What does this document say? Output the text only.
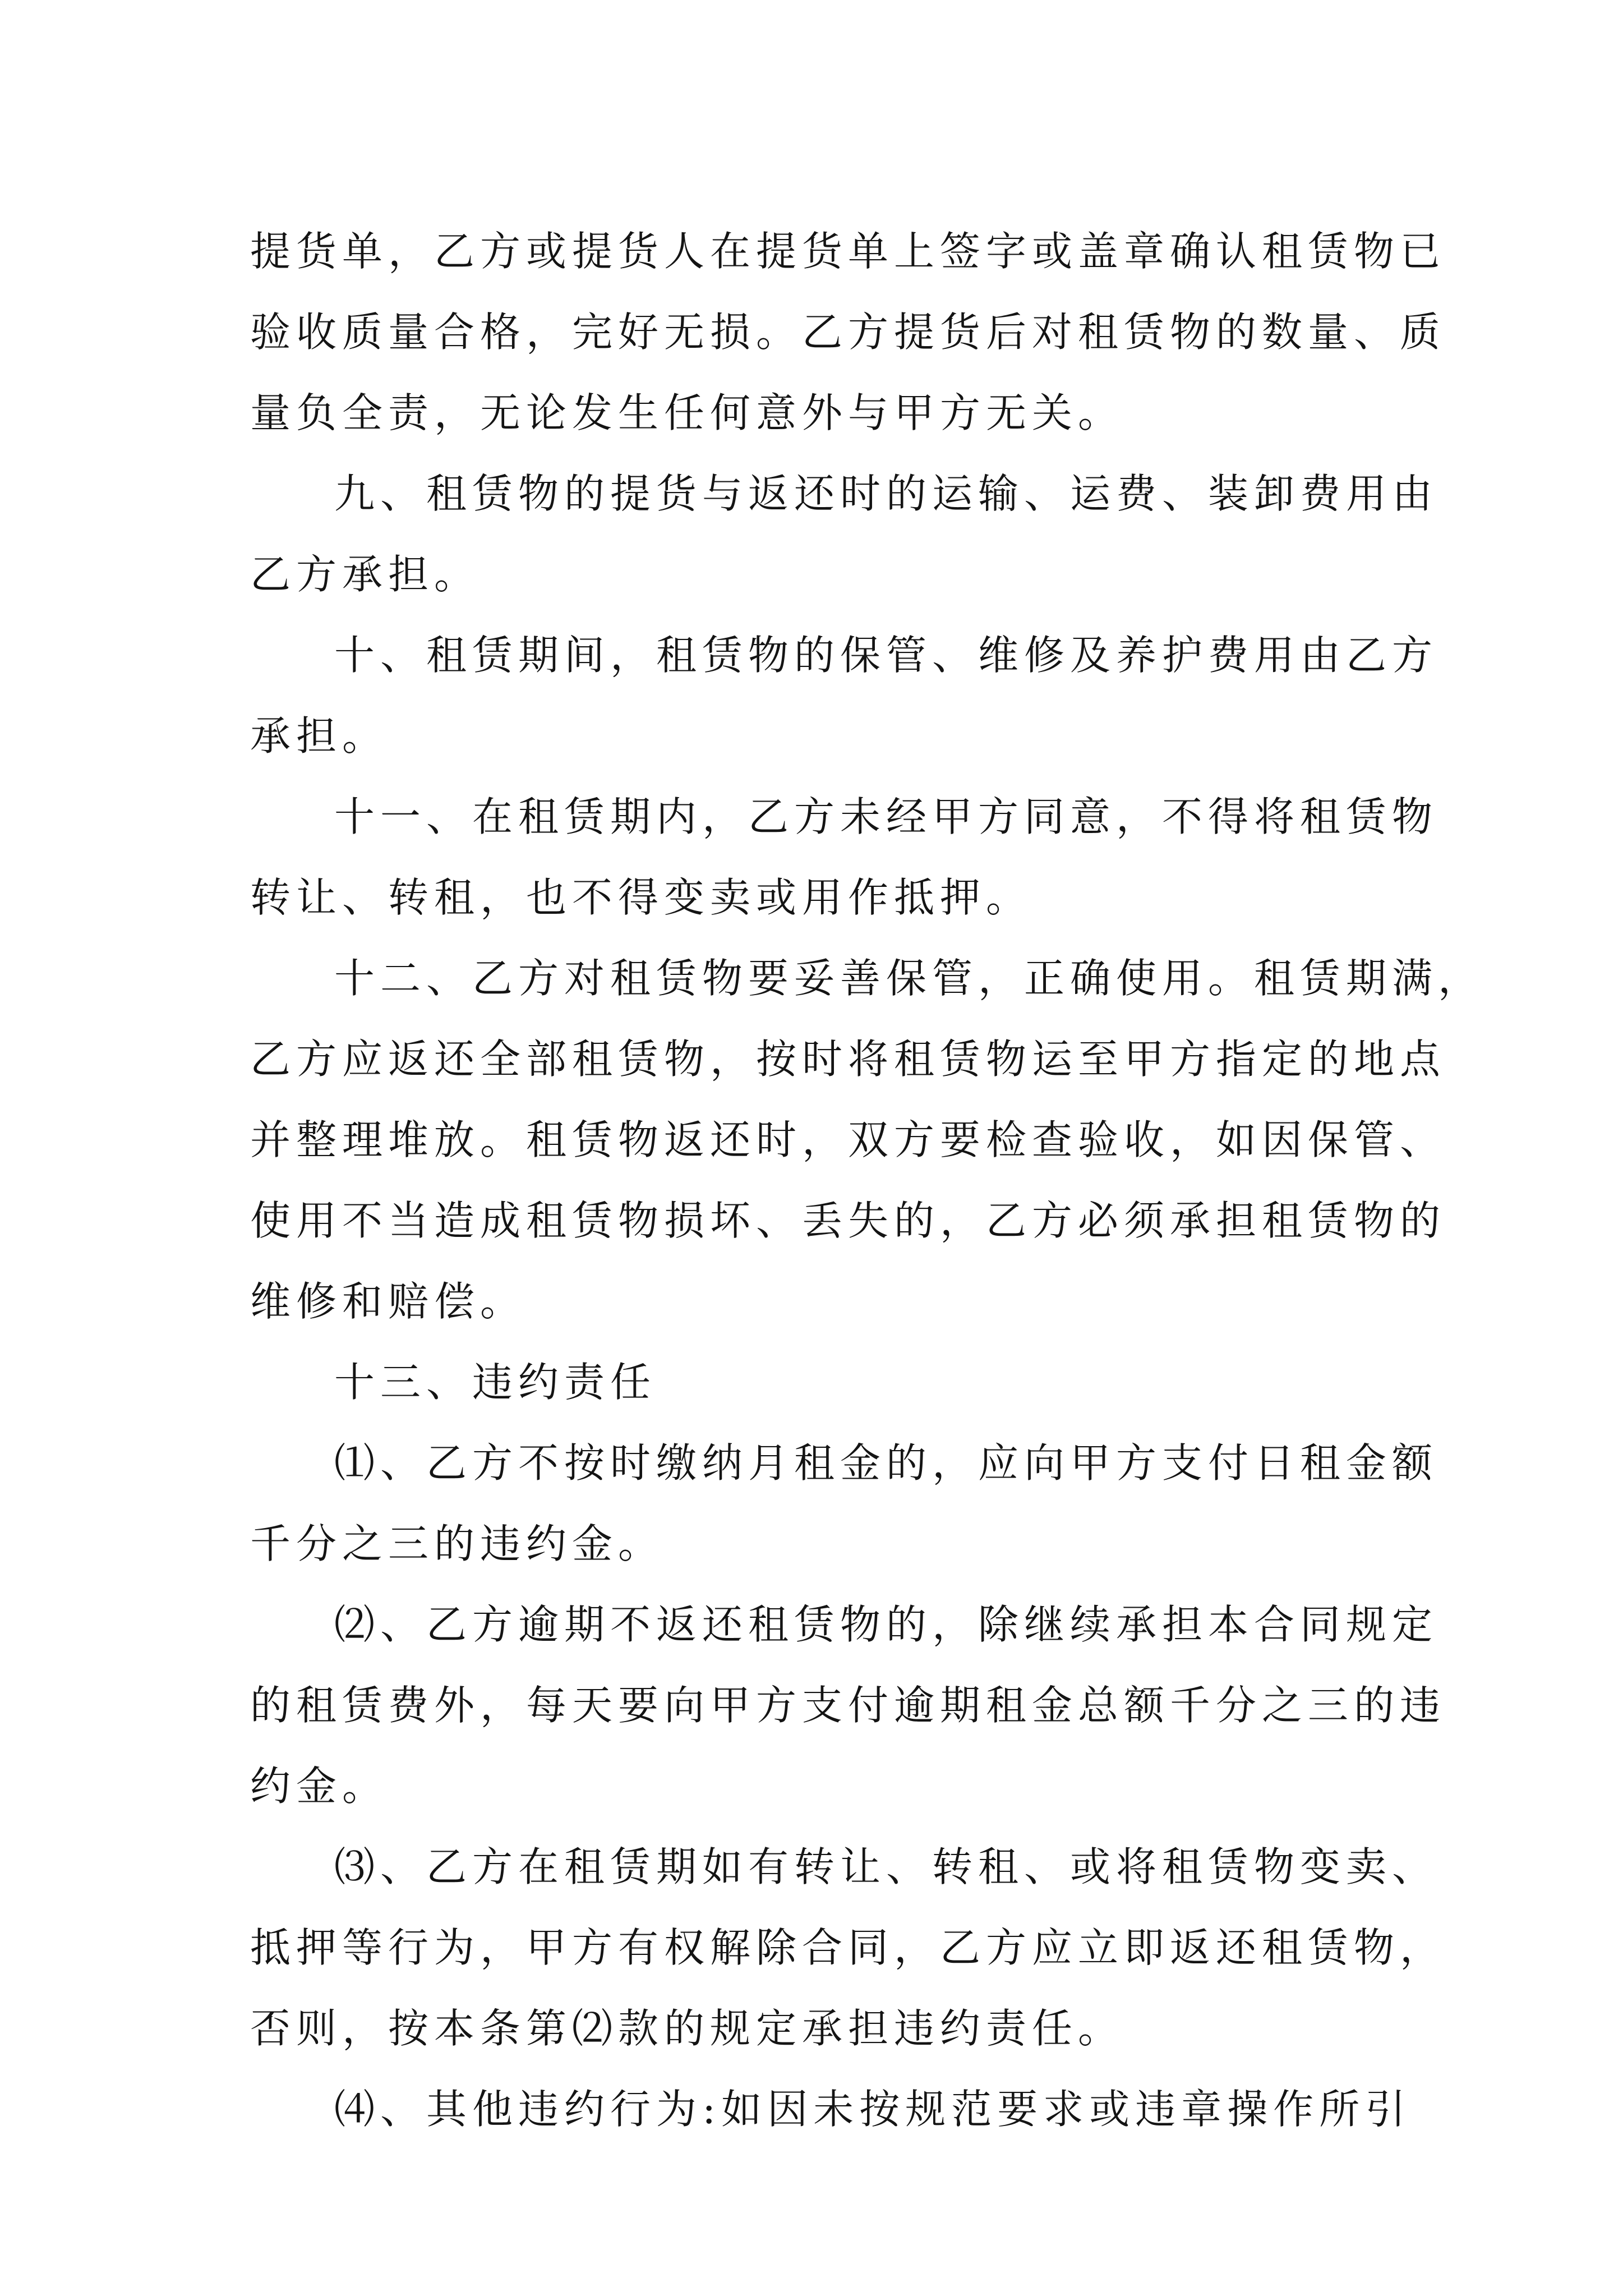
提货单，乙方或提货人在提货单上签字或盖章确认租赁物已
验收质量合格，完好无损。乙方提货后对租赁物的数量、质
量负全责，无论发生任何意外与甲方无关。
九、租赁物的提货与返还时的运输、运费、装卸费用由
乙方承担。
十、租赁期间，租赁物的保管、维修及养护费用由乙方
承担。
十一、在租赁期内，乙方未经甲方同意，不得将租赁物
转让、转租，也不得变卖或用作抵押。
十二、乙方对租赁物要妥善保管，正确使用。租赁期满，
乙方应返还全部租赁物，按时将租赁物运至甲方指定的地点
并整理堆放。租赁物返还时，双方要检查验收，如因保管、
使用不当造成租赁物损坏、丢失的，乙方必须承担租赁物的
维修和赔偿。
十三、违约责任
⑴、乙方不按时缴纳月租金的，应向甲方支付日租金额
千分之三的违约金。
⑵、乙方逾期不返还租赁物的，除继续承担本合同规定
的租赁费外，每天要向甲方支付逾期租金总额千分之三的违
约金。
⑶、乙方在租赁期如有转让、转租、或将租赁物变卖、
抵押等行为，甲方有权解除合同，乙方应立即返还租赁物，
否则，按本条第⑵款的规定承担违约责任。
⑷、其他违约行为:如因未按规范要求或违章操作所引
